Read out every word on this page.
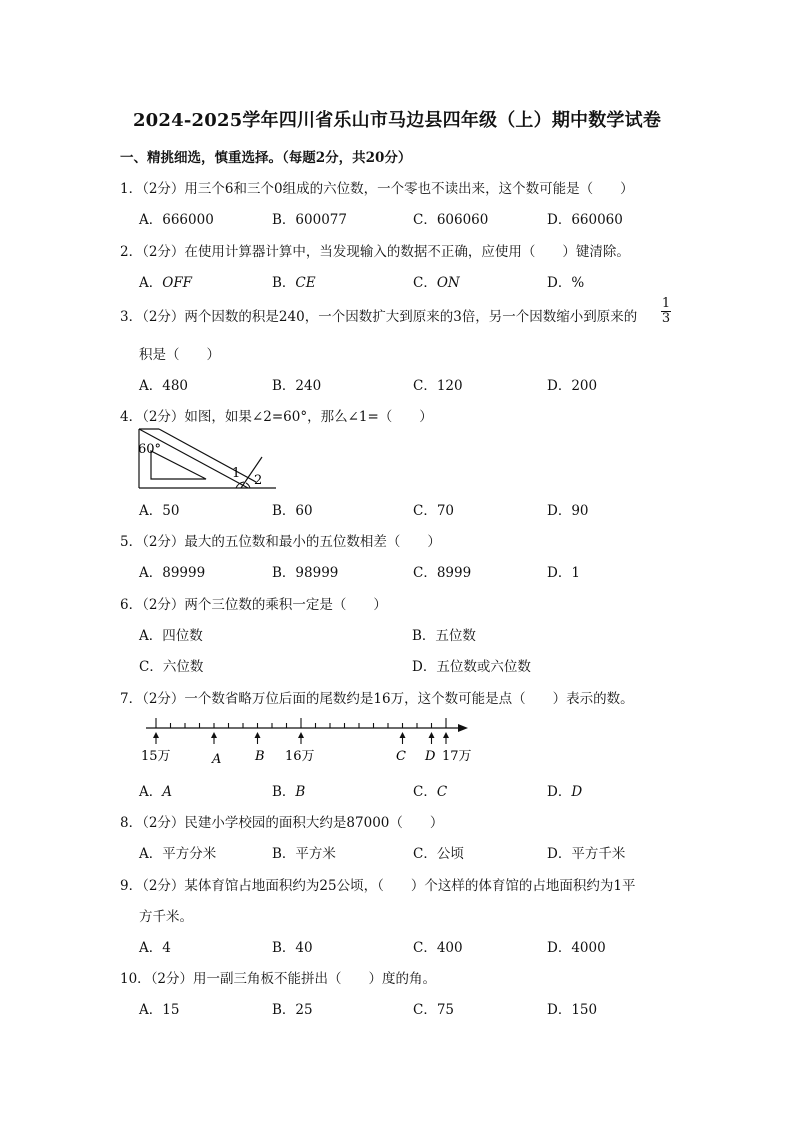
2024-2025学年四川省乐山市马边县四年级（上）期中数学试卷
一、精挑细选，慎重选择。（每题2分，共20分）
1．（2分）用三个6和三个0组成的六位数，一个零也不读出来，这个数可能是（　　）
A．666000	B．600077	C．606060	D．660060
2．（2分）在使用计算器计算中，当发现输入的数据不正确，应使用（　　）键清除。
A．OFF	B．CE	C．ON	D．%
3．（2分）两个因数的积是240，一个因数扩大到原来的3倍，另一个因数缩小到原来的
1
3
积是（　　）
A．480	B．240	C．120	D．200
4．（2分）如图，如果∠2=60°，那么∠1=（　　）
60°
1 2
A．50	B．60	C．70	D．90
5．（2分）最大的五位数和最小的五位数相差（　　）
A．89999	B．98999	C．8999	D．1
6．（2分）两个三位数的乘积一定是（　　）
A．四位数	B．五位数
C．六位数	D．五位数或六位数
7．（2分）一个数省略万位后面的尾数约是16万，这个数可能是点（　　）表示的数。
15万	A	B 16万	C D 17万
A．A	B．B	C．C	D．D
8．（2分）民建小学校园的面积大约是87000（　　）
A．平方分米	B．平方米	C．公顷	D．平方千米
9．（2分）某体育馆占地面积约为25公顷，（　　）个这样的体育馆的占地面积约为1平
方千米。
A．4	B．40	C．400	D．4000
10．（2分）用一副三角板不能拼出（　　）度的角。
A．15	B．25	C．75	D．150
